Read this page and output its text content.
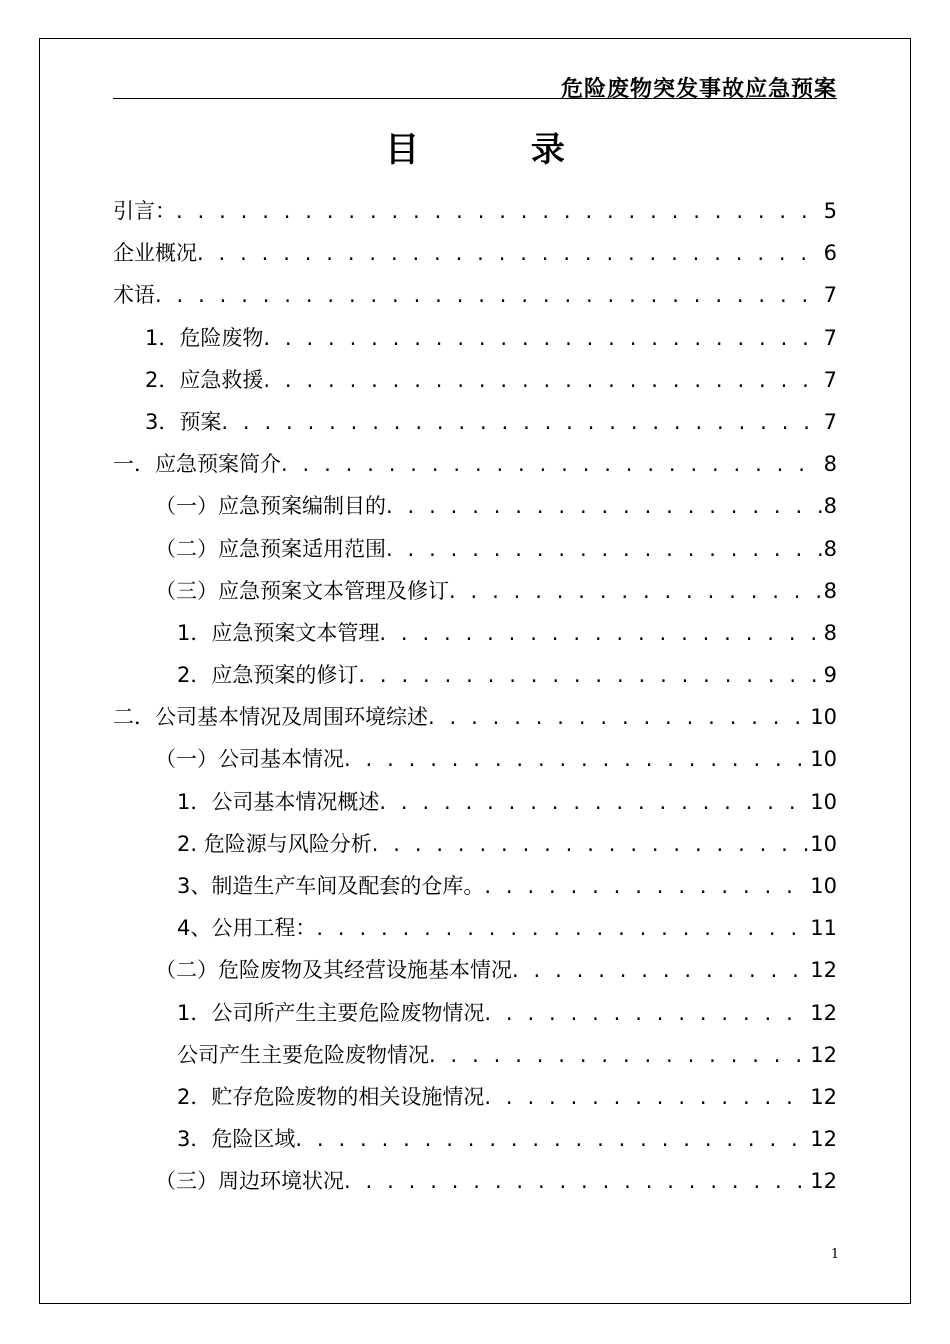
危险废物突发事故应急预案
目 录
引言： . . .	5
企业概况 . . .	6
术语 . . .	7
1．危险废物 . . .	7
2．应急救援 . . .	7
3．预案 . . .	7
一．应急预案简介 . . .	8
（一）应急预案编制目的 . . .	8
（二）应急预案适用范围 . . .	8
（三）应急预案文本管理及修订 . . .	8
1．应急预案文本管理 . . .	8
2．应急预案的修订 . . .	9
二．公司基本情况及周围环境综述 . . .	10
（一）公司基本情况 . . .	10
1．公司基本情况概述 . . .	10
2. 危险源与风险分析 . . .	10
3、制造生产车间及配套的仓库。 . . .	10
4、公用工程： . . .	11
（二）危险废物及其经营设施基本情况 . . .	12
1．公司所产生主要危险废物情况 . . .	12
公司产生主要危险废物情况 . . .	12
2．贮存危险废物的相关设施情况 . . .	12
3．危险区域 . . .	12
（三）周边环境状况 . . .	12
1
